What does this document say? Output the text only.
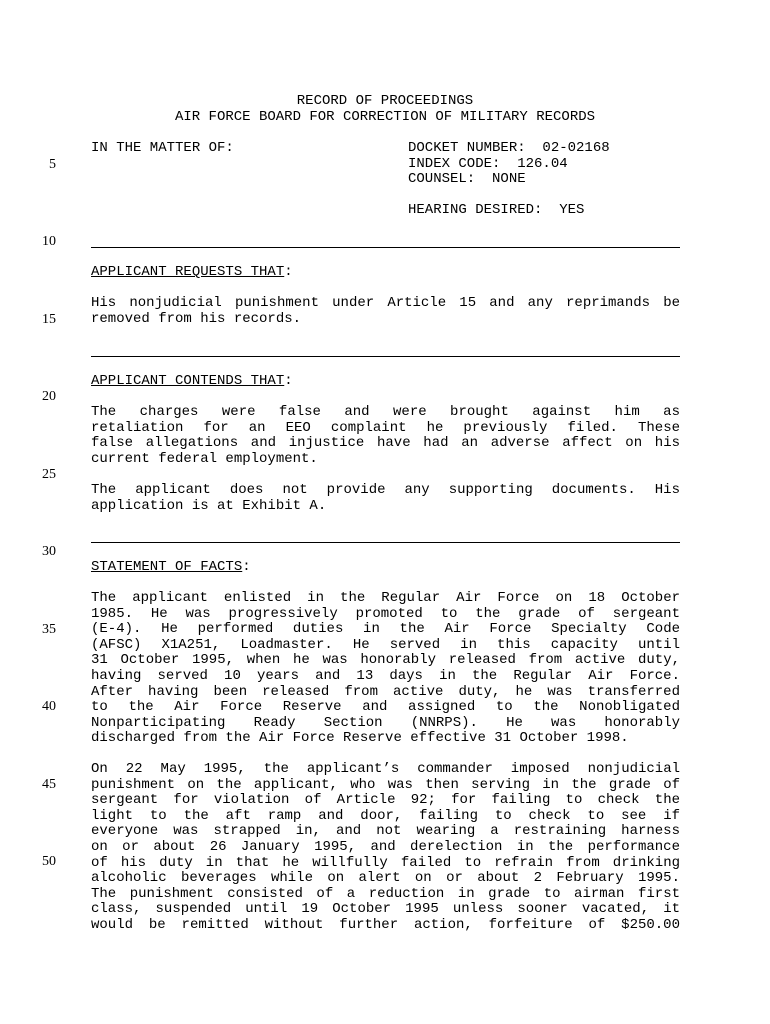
RECORD OF PROCEEDINGS
AIR FORCE BOARD FOR CORRECTION OF MILITARY RECORDS
IN THE MATTER OF:	DOCKET NUMBER:  02-02168
INDEX CODE:  126.04
COUNSEL:  NONE
HEARING DESIRED:  YES
5
10
15
20
25
30
35
40
45
50
APPLICANT REQUESTS THAT:
His nonjudicial punishment under Article 15 and any reprimands be
removed from his records.
APPLICANT CONTENDS THAT:
The charges were false and were brought against him as
retaliation for an EEO complaint he previously filed. These
false allegations and injustice have had an adverse affect on his
current federal employment.
The applicant does not provide any supporting documents. His
application is at Exhibit A.
STATEMENT OF FACTS:
The applicant enlisted in the Regular Air Force on 18 October
1985. He was progressively promoted to the grade of sergeant
(E-4). He performed duties in the Air Force Specialty Code
(AFSC) X1A251, Loadmaster. He served in this capacity until
31 October 1995, when he was honorably released from active duty,
having served 10 years and 13 days in the Regular Air Force.
After having been released from active duty, he was transferred
to the Air Force Reserve and assigned to the Nonobligated
Nonparticipating Ready Section (NNRPS). He was honorably
discharged from the Air Force Reserve effective 31 October 1998.
On 22 May 1995, the applicant’s commander imposed nonjudicial
punishment on the applicant, who was then serving in the grade of
sergeant for violation of Article 92; for failing to check the
light to the aft ramp and door, failing to check to see if
everyone was strapped in, and not wearing a restraining harness
on or about 26 January 1995, and derelection in the performance
of his duty in that he willfully failed to refrain from drinking
alcoholic beverages while on alert on or about 2 February 1995.
The punishment consisted of a reduction in grade to airman first
class, suspended until 19 October 1995 unless sooner vacated, it
would be remitted without further action, forfeiture of $250.00
